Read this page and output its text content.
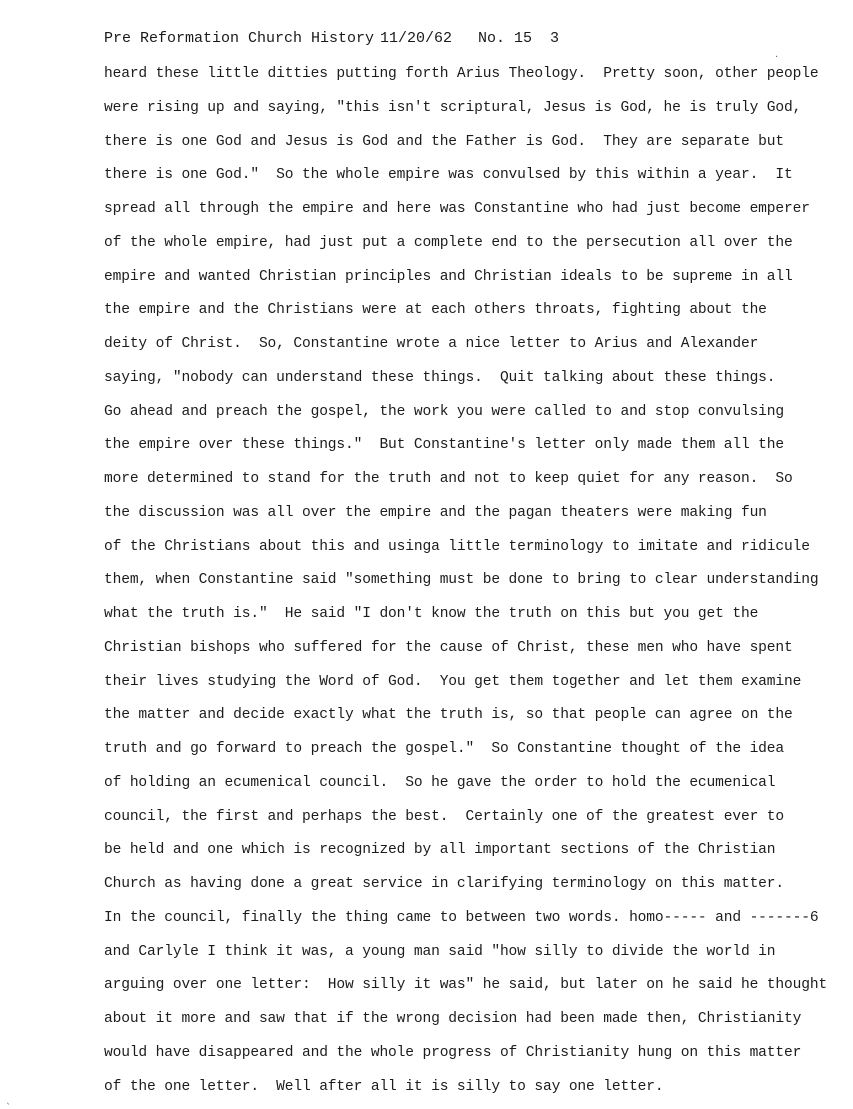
Pre Reformation Church History 11/20/62 No. 15 3
heard these little ditties putting forth Arius Theology.  Pretty soon, other people
were rising up and saying, "this isn't scriptural, Jesus is God, he is truly God,
there is one God and Jesus is God and the Father is God.  They are separate but
there is one God."  So the whole empire was convulsed by this within a year.  It
spread all through the empire and here was Constantine who had just become emperer
of the whole empire, had just put a complete end to the persecution all over the
empire and wanted Christian principles and Christian ideals to be supreme in all
the empire and the Christians were at each others throats, fighting about the
deity of Christ.  So, Constantine wrote a nice letter to Arius and Alexander
saying, "nobody can understand these things.  Quit talking about these things.
Go ahead and preach the gospel, the work you were called to and stop convulsing
the empire over these things."  But Constantine's letter only made them all the
more determined to stand for the truth and not to keep quiet for any reason.  So
the discussion was all over the empire and the pagan theaters were making fun
of the Christians about this and usinga little terminology to imitate and ridicule
them, when Constantine said "something must be done to bring to clear understanding
what the truth is."  He said "I don't know the truth on this but you get the
Christian bishops who suffered for the cause of Christ, these men who have spent
their lives studying the Word of God.  You get them together and let them examine
the matter and decide exactly what the truth is, so that people can agree on the
truth and go forward to preach the gospel."  So Constantine thought of the idea
of holding an ecumenical council.  So he gave the order to hold the ecumenical
council, the first and perhaps the best.  Certainly one of the greatest ever to
be held and one which is recognized by all important sections of the Christian
Church as having done a great service in clarifying terminology on this matter.
In the council, finally the thing came to between two words. homo----- and -------6
and Carlyle I think it was, a young man said "how silly to divide the world in
arguing over one letter:  How silly it was" he said, but later on he said he thought
about it more and saw that if the wrong decision had been made then, Christianity
would have disappeared and the whole progress of Christianity hung on this matter
of the one letter.  Well after all it is silly to say one letter.
·
ˎ
